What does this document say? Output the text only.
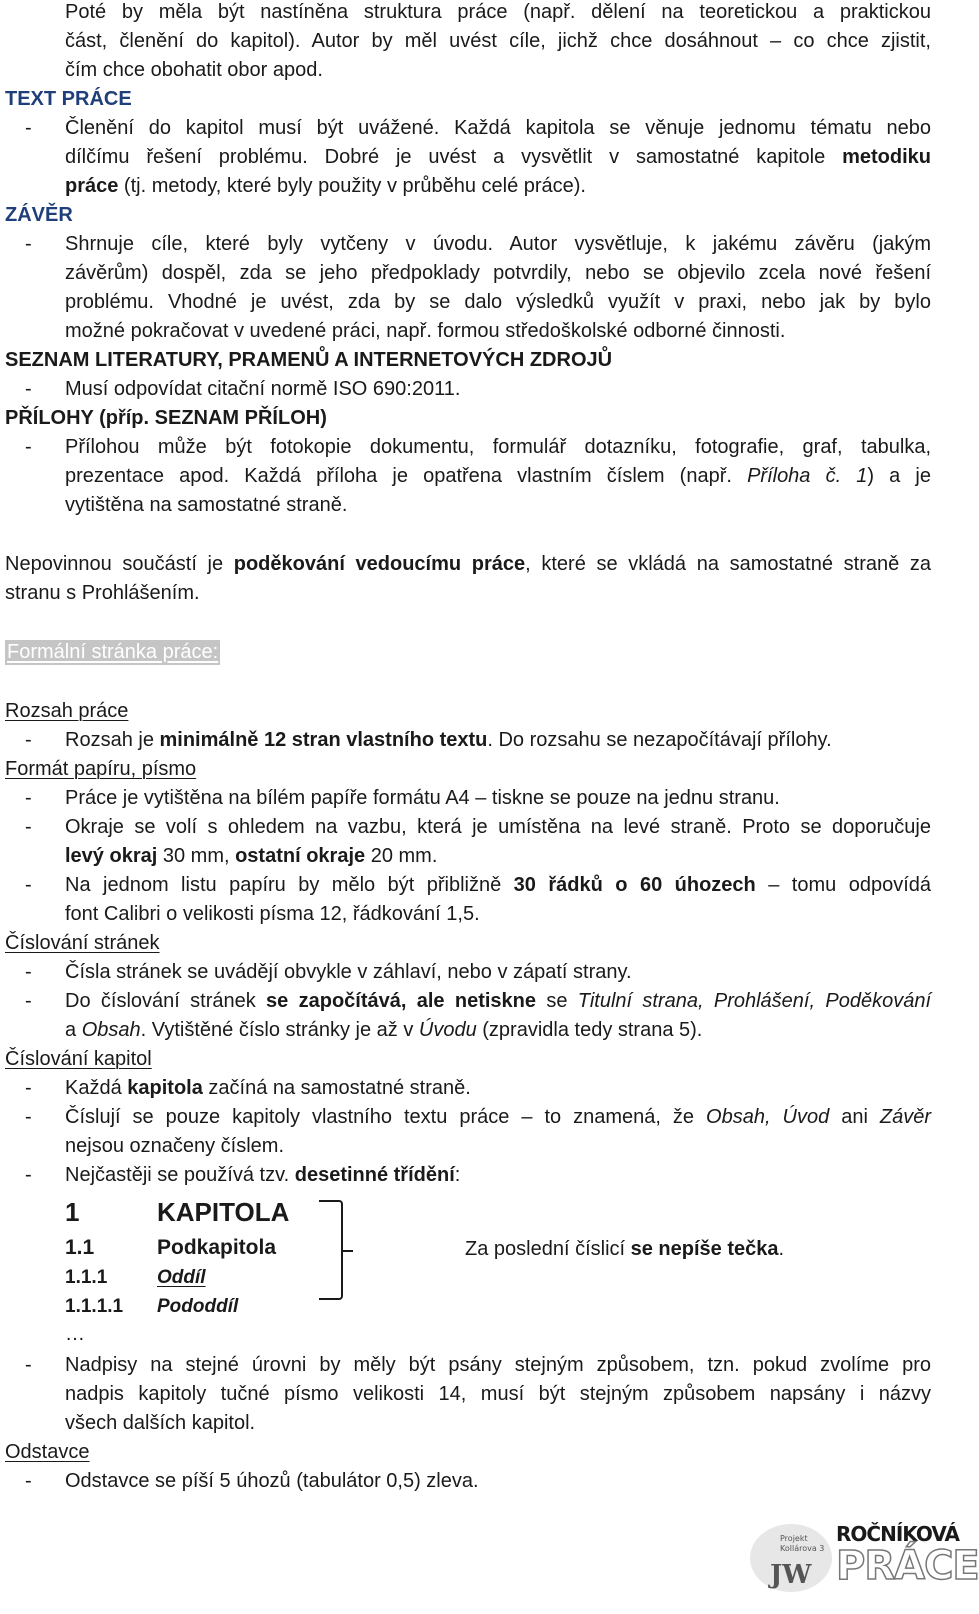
Poté by měla být nastíněna struktura práce (např. dělení na teoretickou a praktickou
část, členění do kapitol). Autor by měl uvést cíle, jichž chce dosáhnout – co chce zjistit,
čím chce obohatit obor apod.
TEXT PRÁCE
- Členění do kapitol musí být uvážené. Každá kapitola se věnuje jednomu tématu nebo
dílčímu řešení problému. Dobré je uvést a vysvětlit v samostatné kapitole metodiku
práce (tj. metody, které byly použity v průběhu celé práce).
ZÁVĚR
- Shrnuje cíle, které byly vytčeny v úvodu. Autor vysvětluje, k jakému závěru (jakým
závěrům) dospěl, zda se jeho předpoklady potvrdily, nebo se objevilo zcela nové řešení
problému. Vhodné je uvést, zda by se dalo výsledků využít v praxi, nebo jak by bylo
možné pokračovat v uvedené práci, např. formou středoškolské odborné činnosti.
SEZNAM LITERATURY, PRAMENŮ A INTERNETOVÝCH ZDROJŮ
- Musí odpovídat citační normě ISO 690:2011.
PŘÍLOHY (příp. SEZNAM PŘÍLOH)
- Přílohou může být fotokopie dokumentu, formulář dotazníku, fotografie, graf, tabulka,
prezentace apod. Každá příloha je opatřena vlastním číslem (např. Příloha č. 1) a je
vytištěna na samostatné straně.
Nepovinnou součástí je poděkování vedoucímu práce, které se vkládá na samostatné straně za
stranu s Prohlášením.
Formální stránka práce:
Rozsah práce
- Rozsah je minimálně 12 stran vlastního textu. Do rozsahu se nezapočítávají přílohy.
Formát papíru, písmo
- Práce je vytištěna na bílém papíře formátu A4 – tiskne se pouze na jednu stranu.
- Okraje se volí s ohledem na vazbu, která je umístěna na levé straně. Proto se doporučuje
levý okraj 30 mm, ostatní okraje 20 mm.
- Na jednom listu papíru by mělo být přibližně 30 řádků o 60 úhozech – tomu odpovídá
font Calibri o velikosti písma 12, řádkování 1,5.
Číslování stránek
- Čísla stránek se uvádějí obvykle v záhlaví, nebo v zápatí strany.
- Do číslování stránek se započítává, ale netiskne se Titulní strana, Prohlášení, Poděkování
a Obsah. Vytištěné číslo stránky je až v Úvodu (zpravidla tedy strana 5).
Číslování kapitol
- Každá kapitola začíná na samostatné straně.
- Číslují se pouze kapitoly vlastního textu práce – to znamená, že Obsah, Úvod ani Závěr
nejsou označeny číslem.
- Nejčastěji se používá tzv. desetinné třídění:
1	KAPITOLA
1.1	Podkapitola
1.1.1	Oddíl
1.1.1.1 Pododdíl
…
Za poslední číslicí se nepíše tečka.
- Nadpisy na stejné úrovni by měly být psány stejným způsobem, tzn. pokud zvolíme pro
nadpis kapitoly tučné písmo velikosti 14, musí být stejným způsobem napsány i názvy
všech dalších kapitol.
Odstavce
- Odstavce se píší 5 úhozů (tabulátor 0,5) zleva.
Projekt
Kollárova 3
JW
ROČNÍKOVÁ
PRÁCE
